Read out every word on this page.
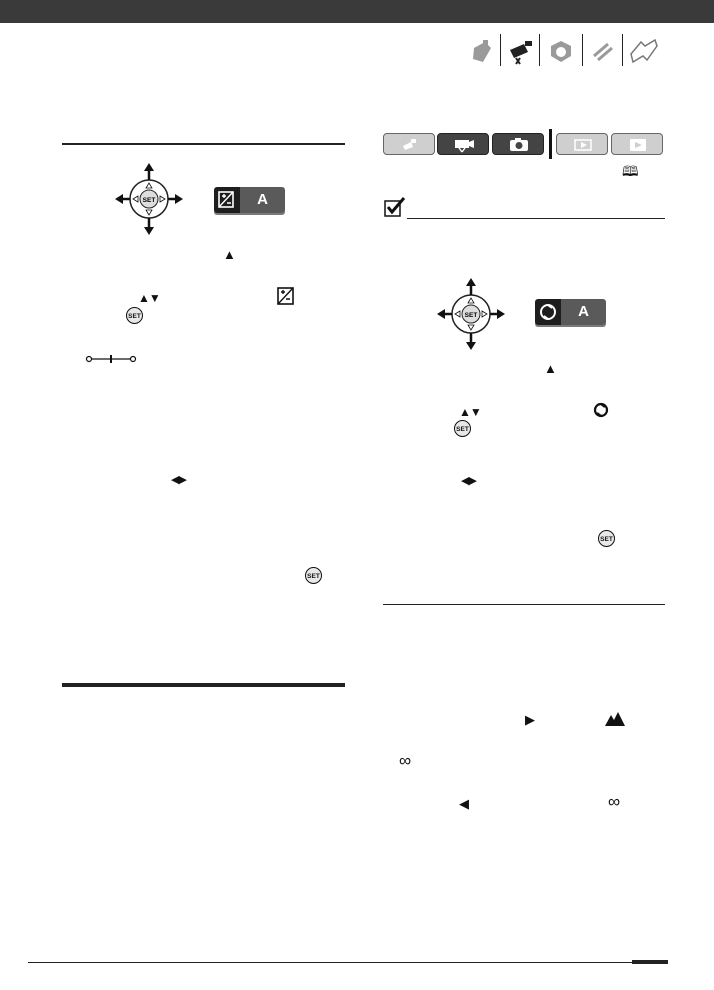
SET	A
▲
▲▼
SET
◀▶
SET
🕮
SET	A
▲
▲▼
SET
◀▶
SET
▶
∞
◀	∞
